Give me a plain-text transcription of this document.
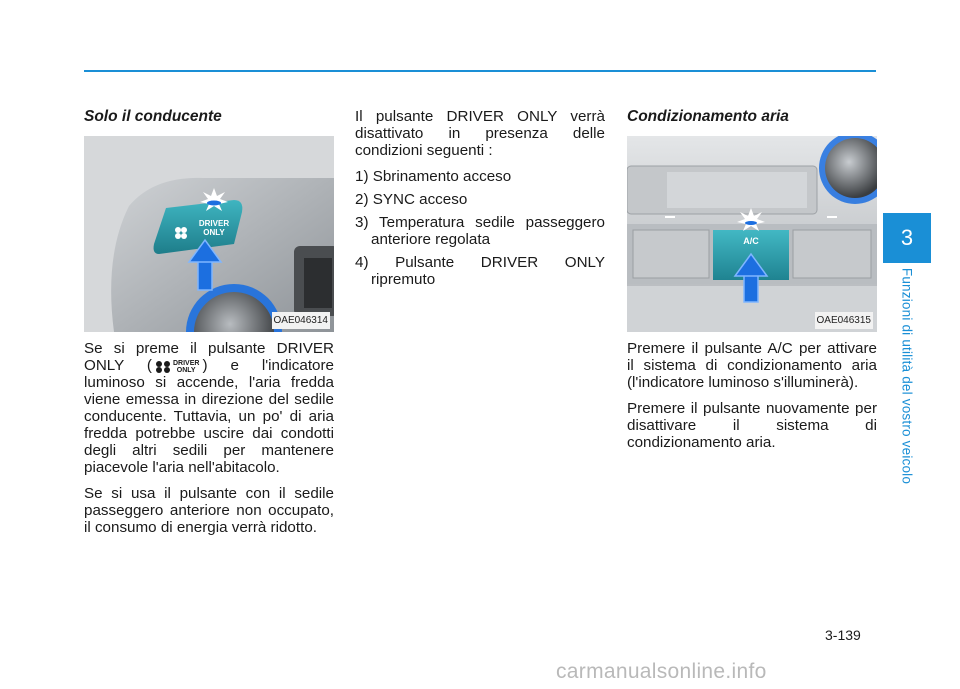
Solo il conducente
DRIVER ONLY
OAE046314

Se si preme il pulsante DRIVER ONLY (	DRIVER
ONLY ) e l'indicatore luminoso si accende, l'aria fredda viene emessa in direzione del sedile conducente. Tuttavia, un po' di aria fredda potrebbe uscire dai condotti degli altri sedili per mantenere piacevole l'aria nell'abitacolo.

Se si usa il pulsante con il sedile passeggero anteriore non occupato, il consumo di energia verrà ridotto.

Il pulsante DRIVER ONLY verrà disattivato in presenza delle condizioni seguenti :

1) Sbrinamento acceso
2) SYNC acceso
3) Temperatura sedile passeggero anteriore regolata
4) Pulsante DRIVER ONLY ripremuto
Condizionamento aria
A/C
OAE046315

Premere il pulsante A/C per attivare il sistema di condizionamento aria (l'indicatore luminoso s'illuminerà).

Premere il pulsante nuovamente per disattivare il sistema di condizionamento aria.

3
Funzioni di utilità del vostro veicolo
3-139
carmanualsonline.info
